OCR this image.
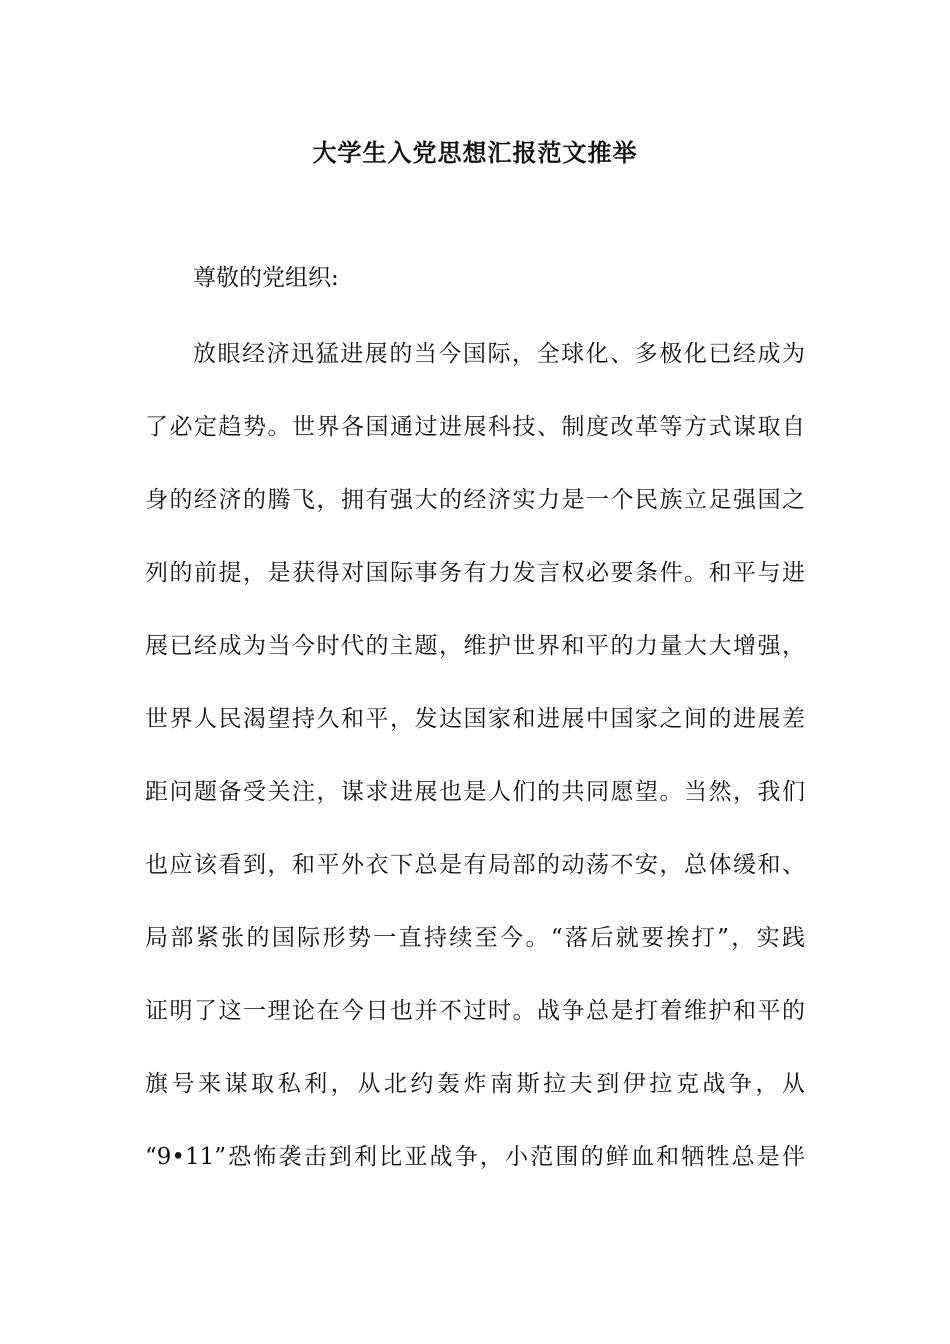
大学生入党思想汇报范文推举
尊敬的党组织:
放眼经济迅猛进展的当今国际，全球化、多极化已经成为
了必定趋势。世界各国通过进展科技、制度改革等方式谋取自
身的经济的腾飞，拥有强大的经济实力是一个民族立足强国之
列的前提，是获得对国际事务有力发言权必要条件。和平与进
展已经成为当今时代的主题，维护世界和平的力量大大增强，
世界人民渴望持久和平，发达国家和进展中国家之间的进展差
距问题备受关注，谋求进展也是人们的共同愿望。当然，我们
也应该看到，和平外衣下总是有局部的动荡不安，总体缓和、
局部紧张的国际形势一直持续至今。“落后就要挨打”，实践
证明了这一理论在今日也并不过时。战争总是打着维护和平的
旗号来谋取私利，从北约轰炸南斯拉夫到伊拉克战争，从
“9•11”恐怖袭击到利比亚战争，小范围的鲜血和牺牲总是伴
